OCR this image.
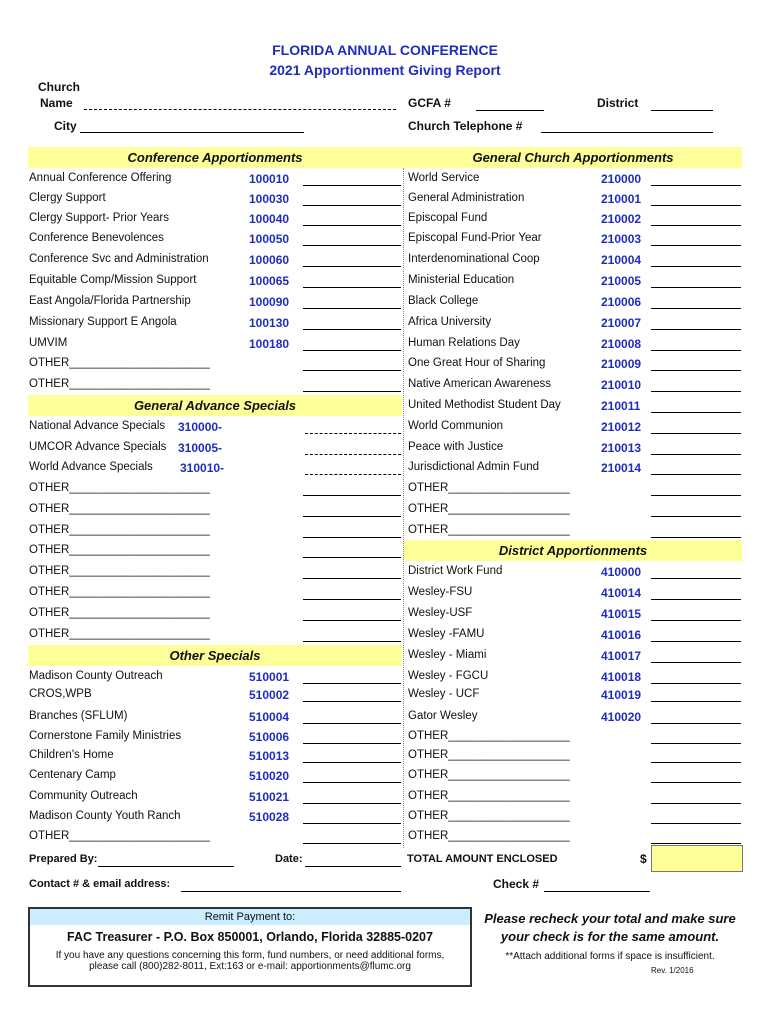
FLORIDA ANNUAL CONFERENCE
2021 Apportionment Giving Report
Church
Name	GCFA #	District
City	Church Telephone #
Conference Apportionments	General Church Apportionments
Annual Conference Offering	100010
Clergy Support	100030
Clergy Support- Prior Years	100040
Conference Benevolences	100050
Conference Svc and Administration	100060
Equitable Comp/Mission Support	100065
East Angola/Florida Partnership	100090
Missionary Support E Angola	100130
UMVIM	100180
World Service	210000
General Administration	210001
Episcopal Fund	210002
Episcopal Fund-Prior Year	210003
Interdenominational Coop	210004
Ministerial Education	210005
Black College	210006
Africa University	210007
Human Relations Day	210008
One Great Hour of Sharing	210009
Native American Awareness	210010
United Methodist Student Day	210011
World Communion	210012
Peace with Justice	210013
Jurisdictional Admin Fund	210014
OTHER______________________
OTHER______________________
General Advance Specials
National Advance Specials 310000-
UMCOR Advance Specials 310005-
World Advance Specials 310010-
OTHER______________________
OTHER______________________
OTHER______________________
OTHER______________________
OTHER______________________
OTHER______________________
OTHER______________________
OTHER______________________
Other Specials
District Apportionments
Madison County Outreach	510001
CROS,WPB	510002
Branches (SFLUM)	510004
Cornerstone Family Ministries	510006
Children's Home	510013
Centenary Camp	510020
Community Outreach	510021
Madison County Youth Ranch	510028
OTHER______________________
OTHER___________________
OTHER___________________
OTHER___________________
District Work Fund	410000
Wesley-FSU	410014
Wesley-USF	410015
Wesley -FAMU	410016
Wesley - Miami	410017
Wesley - FGCU	410018
Wesley - UCF	410019
Gator Wesley	410020
OTHER___________________
OTHER___________________
OTHER___________________
OTHER___________________
OTHER___________________
OTHER___________________
Prepared By:	Date:	TOTAL AMOUNT ENCLOSED	$
Contact # & email address:	Check #
Remit Payment to:
FAC Treasurer - P.O. Box 850001, Orlando, Florida 32885-0207
If you have any questions concerning this form, fund numbers, or need additional forms,
please call (800)282-8011, Ext:163 or e-mail: apportionments@flumc.org
Please recheck your total and make sure
your check is for the same amount.
**Attach additional forms if space is insufficient.
Rev. 1/2016
